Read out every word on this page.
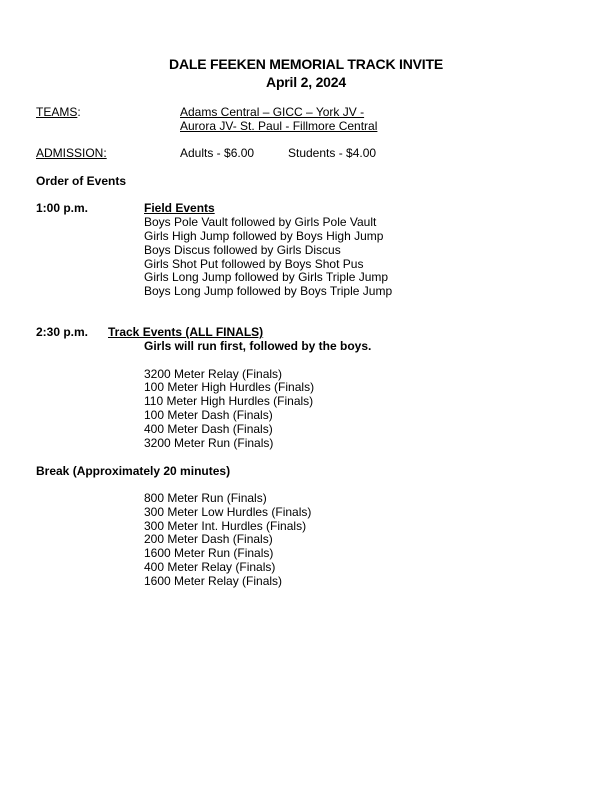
DALE FEEKEN MEMORIAL TRACK INVITE
April 2, 2024
TEAMS:	Adams Central – GICC – York JV -
Aurora JV- St. Paul - Fillmore Central
ADMISSION:	Adults - $6.00	Students - $4.00
Order of Events
1:00 p.m.	Field Events
Boys Pole Vault followed by Girls Pole Vault
Girls High Jump followed by Boys High Jump
Boys Discus followed by Girls Discus
Girls Shot Put followed by Boys Shot Pus
Girls Long Jump followed by Girls Triple Jump
Boys Long Jump followed by Boys Triple Jump
2:30 p.m. Track Events (ALL FINALS)
Girls will run first, followed by the boys.
3200 Meter Relay (Finals)
100 Meter High Hurdles (Finals)
110 Meter High Hurdles (Finals)
100 Meter Dash (Finals)
400 Meter Dash (Finals)
3200 Meter Run (Finals)
Break (Approximately 20 minutes)
800 Meter Run (Finals)
300 Meter Low Hurdles (Finals)
300 Meter Int. Hurdles (Finals)
200 Meter Dash (Finals)
1600 Meter Run (Finals)
400 Meter Relay (Finals)
1600 Meter Relay (Finals)
